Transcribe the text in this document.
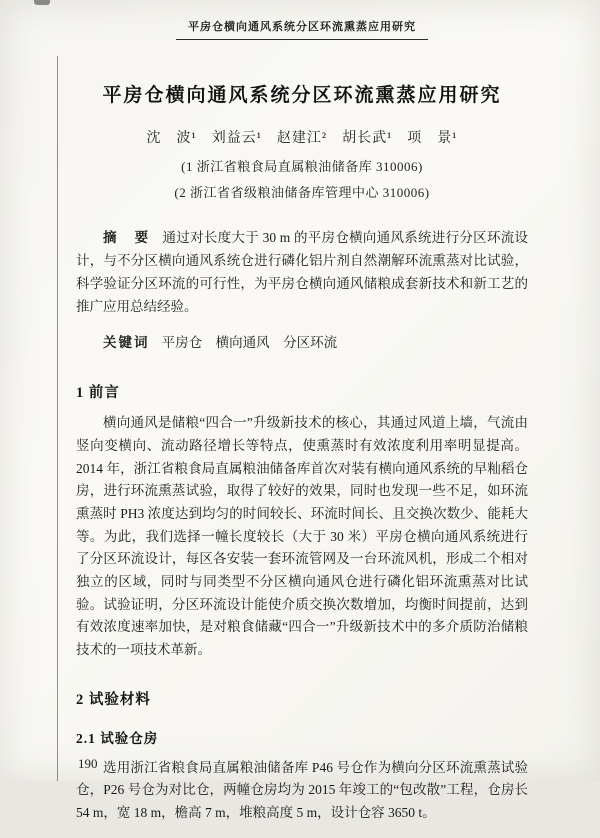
平房仓横向通风系统分区环流熏蒸应用研究
平房仓横向通风系统分区环流熏蒸应用研究
沈　波¹　刘益云¹　赵建江²　胡长武¹　项　景¹
(1 浙江省粮食局直属粮油储备库 310006)
(2 浙江省省级粮油储备库管理中心 310006)

摘　要 通过对长度大于 30 m 的平房仓横向通风系统进行分区环流设计，与不分区横向通风系统仓进行磷化铝片剂自然潮解环流熏蒸对比试验，科学验证分区环流的可行性，为平房仓横向通风储粮成套新技术和新工艺的推广应用总结经验。

关键词 平房仓　横向通风　分区环流

1 前言

横向通风是储粮“四合一”升级新技术的核心，其通过风道上墙，气流由竖向变横向、流动路径增长等特点，使熏蒸时有效浓度利用率明显提高。2014 年，浙江省粮食局直属粮油储备库首次对装有横向通风系统的早籼稻仓房，进行环流熏蒸试验，取得了较好的效果，同时也发现一些不足，如环流熏蒸时 PH3 浓度达到均匀的时间较长、环流时间长、且交换次数少、能耗大等。为此，我们选择一幢长度较长（大于 30 米）平房仓横向通风系统进行了分区环流设计，每区各安装一套环流管网及一台环流风机，形成二个相对独立的区域，同时与同类型不分区横向通风仓进行磷化铝环流熏蒸对比试验。试验证明，分区环流设计能使介质交换次数增加，均衡时间提前，达到有效浓度速率加快，是对粮食储藏“四合一”升级新技术中的多介质防治储粮技术的一项技术革新。

2 试验材料
2.1 试验仓房

选用浙江省粮食局直属粮油储备库 P46 号仓作为横向分区环流熏蒸试验仓，P26 号仓为对比仓，两幢仓房均为 2015 年竣工的“包改散”工程，仓房长 54 m，宽 18 m，檐高 7 m，堆粮高度 5 m，设计仓容 3650 t。

190
